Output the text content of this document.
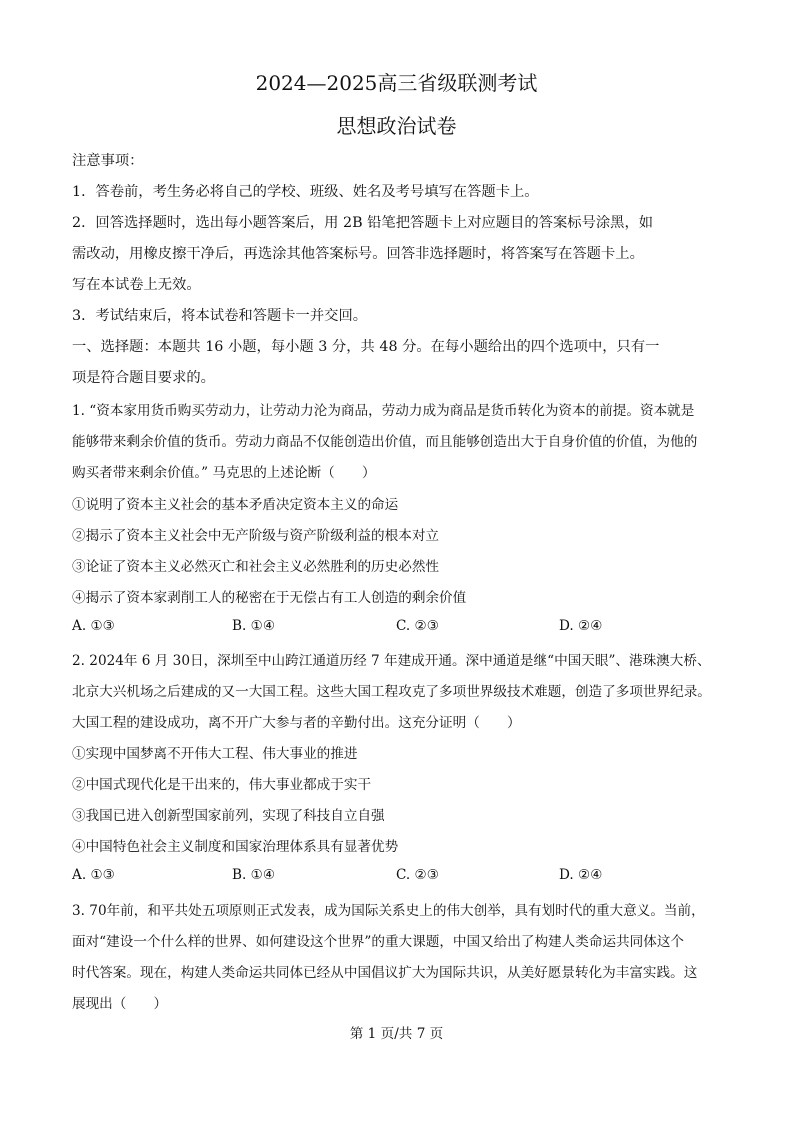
2024—2025高三省级联测考试
思想政治试卷
注意事项：
1．答卷前，考生务必将自己的学校、班级、姓名及考号填写在答题卡上。
2．回答选择题时，选出每小题答案后，用 2B 铅笔把答题卡上对应题目的答案标号涂黑，如
需改动，用橡皮擦干净后，再选涂其他答案标号。回答非选择题时，将答案写在答题卡上。
写在本试卷上无效。
3．考试结束后，将本试卷和答题卡一并交回。
一、选择题：本题共 16 小题，每小题 3 分，共 48 分。在每小题给出的四个选项中，只有一
项是符合题目要求的。
1. “资本家用货币购买劳动力，让劳动力沦为商品，劳动力成为商品是货币转化为资本的前提。资本就是
能够带来剩余价值的货币。劳动力商品不仅能创造出价值，而且能够创造出大于自身价值的价值，为他的
购买者带来剩余价值。” 马克思的上述论断（　　）
①说明了资本主义社会的基本矛盾决定资本主义的命运
②揭示了资本主义社会中无产阶级与资产阶级利益的根本对立
③论证了资本主义必然灭亡和社会主义必然胜利的历史必然性
④揭示了资本家剥削工人的秘密在于无偿占有工人创造的剩余价值
A. ①③	B. ①④	C. ②③	D. ②④
2. 2024年 6 月 30日，深圳至中山跨江通道历经 7 年建成开通。深中通道是继“中国天眼”、港珠澳大桥、
北京大兴机场之后建成的又一大国工程。这些大国工程攻克了多项世界级技术难题，创造了多项世界纪录。
大国工程的建设成功，离不开广大参与者的辛勤付出。这充分证明（　　）
①实现中国梦离不开伟大工程、伟大事业的推进
②中国式现代化是干出来的，伟大事业都成于实干
③我国已进入创新型国家前列，实现了科技自立自强
④中国特色社会主义制度和国家治理体系具有显著优势
A. ①③	B. ①④	C. ②③	D. ②④
3. 70年前，和平共处五项原则正式发表，成为国际关系史上的伟大创举，具有划时代的重大意义。当前，
面对“建设一个什么样的世界、如何建设这个世界”的重大课题，中国又给出了构建人类命运共同体这个
时代答案。现在，构建人类命运共同体已经从中国倡议扩大为国际共识，从美好愿景转化为丰富实践。这
展现出（　　）
第 1 页/共 7 页
